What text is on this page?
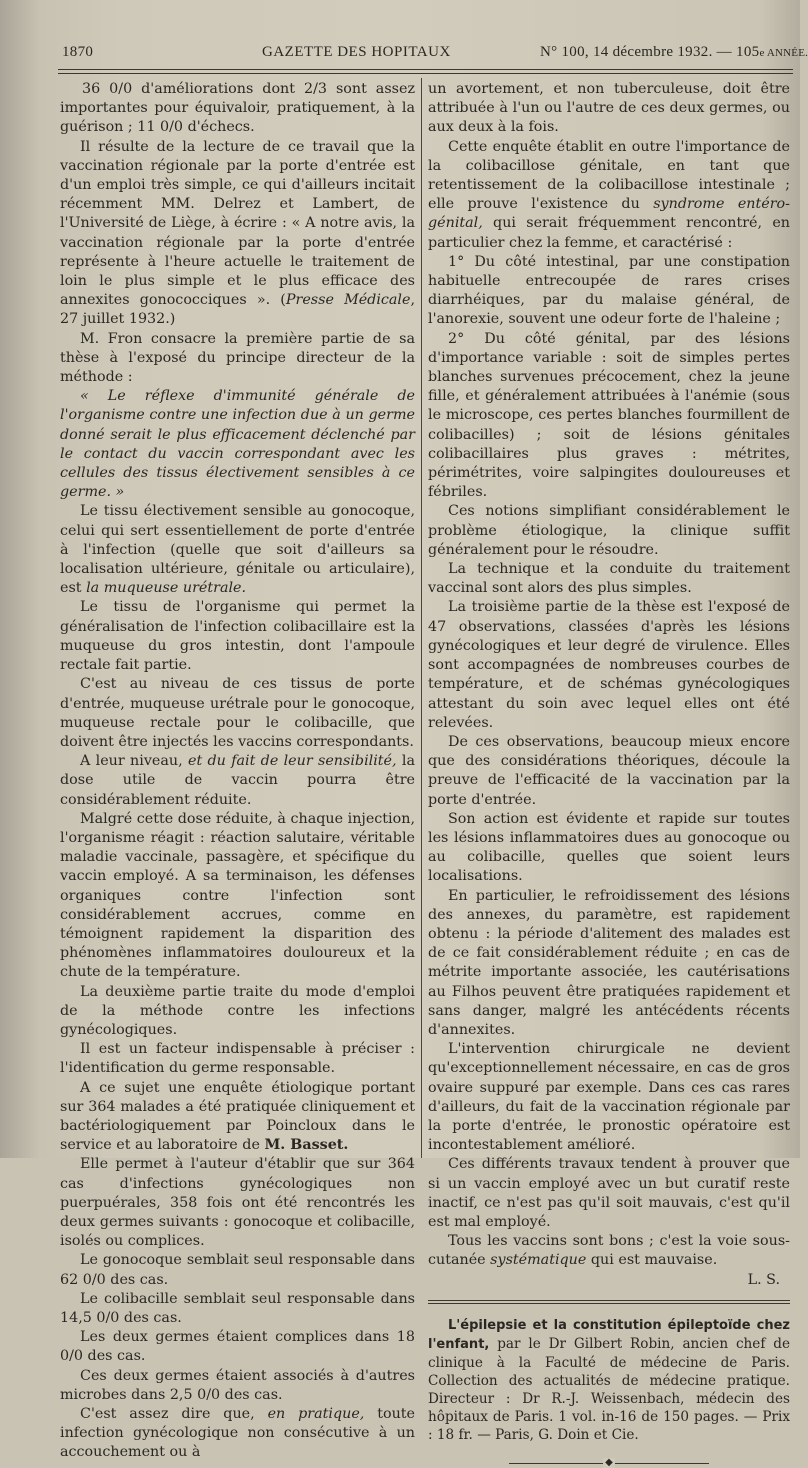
1870	GAZETTE DES HOPITAUX	N° 100, 14 décembre 1932. — 105e ANNÉE.

36 0/0 d'améliorations dont 2/3 sont assez importantes pour équivaloir, pratiquement, à la guérison ; 11 0/0 d'échecs.

Il résulte de la lecture de ce travail que la vaccination régionale par la porte d'entrée est d'un emploi très simple, ce qui d'ailleurs incitait récemment MM. Delrez et Lambert, de l'Université de Liège, à écrire : « A notre avis, la vaccination régionale par la porte d'entrée représente à l'heure actuelle le traitement de loin le plus simple et le plus efficace des annexites gonococciques ». (Presse Médicale, 27 juillet 1932.)

M. Fron consacre la première partie de sa thèse à l'exposé du principe directeur de la méthode :

« Le réflexe d'immunité générale de l'organisme contre une infection due à un germe donné serait le plus efficacement déclenché par le contact du vaccin correspondant avec les cellules des tissus électivement sensibles à ce germe. »

Le tissu électivement sensible au gonocoque, celui qui sert essentiellement de porte d'entrée à l'infection (quelle que soit d'ailleurs sa localisation ultérieure, génitale ou articulaire), est la muqueuse urétrale.

Le tissu de l'organisme qui permet la généralisation de l'infection colibacillaire est la muqueuse du gros intestin, dont l'ampoule rectale fait partie.

C'est au niveau de ces tissus de porte d'entrée, muqueuse urétrale pour le gonocoque, muqueuse rectale pour le colibacille, que doivent être injectés les vaccins correspondants.

A leur niveau, et du fait de leur sensibilité, la dose utile de vaccin pourra être considérablement réduite.

Malgré cette dose réduite, à chaque injection, l'organisme réagit : réaction salutaire, véritable maladie vaccinale, passagère, et spécifique du vaccin employé. A sa terminaison, les défenses organiques contre l'infection sont considérablement accrues, comme en témoignent rapidement la disparition des phénomènes inflammatoires douloureux et la chute de la température.

La deuxième partie traite du mode d'emploi de la méthode contre les infections gynécologiques.

Il est un facteur indispensable à préciser : l'identification du germe responsable.

A ce sujet une enquête étiologique portant sur 364 malades a été pratiquée cliniquement et bactériologiquement par Poincloux dans le service et au laboratoire de M. Basset.

Elle permet à l'auteur d'établir que sur 364 cas d'infections gynécologiques non puerpuérales, 358 fois ont été rencontrés les deux germes suivants : gonocoque et colibacille, isolés ou complices.

Le gonocoque semblait seul responsable dans 62 0/0 des cas.

Le colibacille semblait seul responsable dans 14,5 0/0 des cas.

Les deux germes étaient complices dans 18 0/0 des cas.

Ces deux germes étaient associés à d'autres microbes dans 2,5 0/0 des cas.

C'est assez dire que, en pratique, toute infection gynécologique non consécutive à un accouchement ou à

un avortement, et non tuberculeuse, doit être attribuée à l'un ou l'autre de ces deux germes, ou aux deux à la fois.

Cette enquête établit en outre l'importance de la colibacillose génitale, en tant que retentissement de la colibacillose intestinale ; elle prouve l'existence du syndrome entéro-génital, qui serait fréquemment rencontré, en particulier chez la femme, et caractérisé :

1° Du côté intestinal, par une constipation habituelle entrecoupée de rares crises diarrhéiques, par du malaise général, de l'anorexie, souvent une odeur forte de l'haleine ;

2° Du côté génital, par des lésions d'importance variable : soit de simples pertes blanches survenues précocement, chez la jeune fille, et généralement attribuées à l'anémie (sous le microscope, ces pertes blanches fourmillent de colibacilles) ; soit de lésions génitales colibacillaires plus graves : métrites, périmétrites, voire salpingites douloureuses et fébriles.

Ces notions simplifiant considérablement le problème étiologique, la clinique suffit généralement pour le résoudre.

La technique et la conduite du traitement vaccinal sont alors des plus simples.

La troisième partie de la thèse est l'exposé de 47 observations, classées d'après les lésions gynécologiques et leur degré de virulence. Elles sont accompagnées de nombreuses courbes de température, et de schémas gynécologiques attestant du soin avec lequel elles ont été relevées.

De ces observations, beaucoup mieux encore que des considérations théoriques, découle la preuve de l'efficacité de la vaccination par la porte d'entrée.

Son action est évidente et rapide sur toutes les lésions inflammatoires dues au gonocoque ou au colibacille, quelles que soient leurs localisations.

En particulier, le refroidissement des lésions des annexes, du paramètre, est rapidement obtenu : la période d'alitement des malades est de ce fait considérablement réduite ; en cas de métrite importante associée, les cautérisations au Filhos peuvent être pratiquées rapidement et sans danger, malgré les antécédents récents d'annexites.

L'intervention chirurgicale ne devient qu'exceptionnellement nécessaire, en cas de gros ovaire suppuré par exemple. Dans ces cas rares d'ailleurs, du fait de la vaccination régionale par la porte d'entrée, le pronostic opératoire est incontestablement amélioré.

Ces différents travaux tendent à prouver que si un vaccin employé avec un but curatif reste inactif, ce n'est pas qu'il soit mauvais, c'est qu'il est mal employé.

Tous les vaccins sont bons ; c'est la voie sous-cutanée systématique qui est mauvaise.

L. S.

L'épilepsie et la constitution épileptoïde chez l'enfant, par le Dr Gilbert Robin, ancien chef de clinique à la Faculté de médecine de Paris. Collection des actualités de médecine pratique. Directeur : Dr R.-J. Weissenbach, médecin des hôpitaux de Paris. 1 vol. in-16 de 150 pages. — Prix : 18 fr. — Paris, G. Doin et Cie.

◆
